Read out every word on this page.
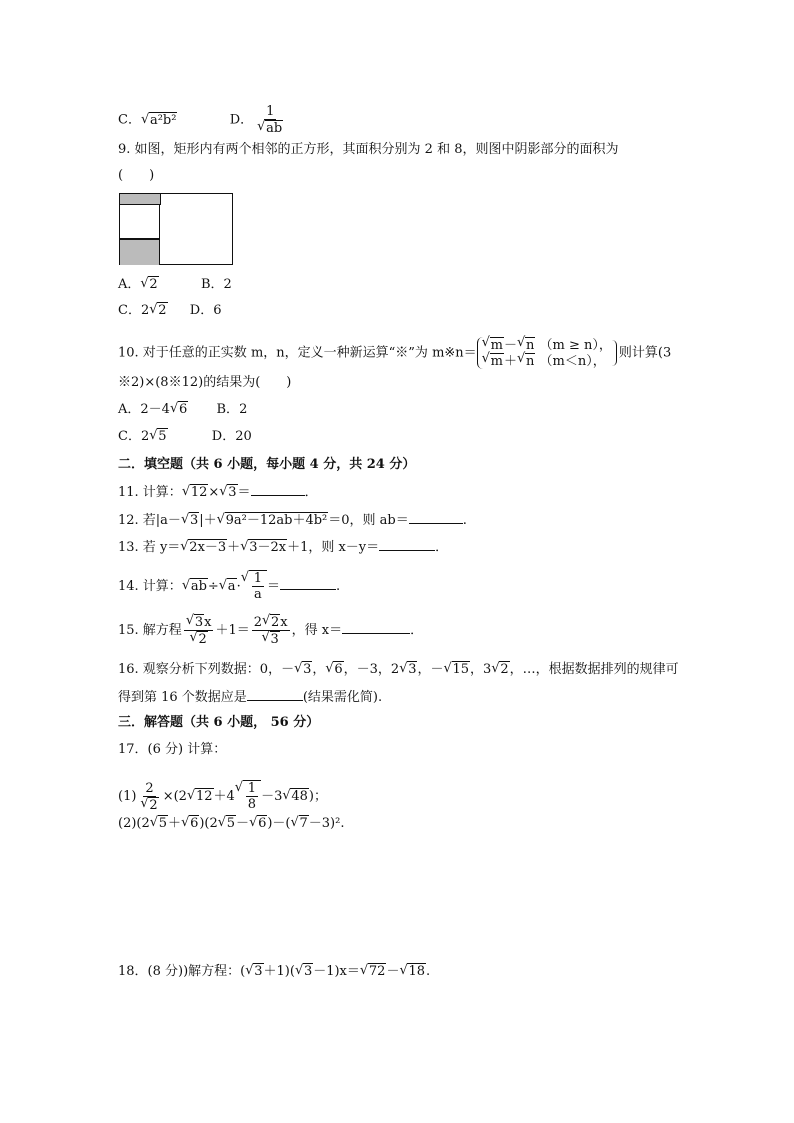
C．√ a²b²	D． 1
√ ab
9. 如图，矩形内有两个相邻的正方形，其面积分别为 2 和 8，则图中阴影部分的面积为
(　　)
A．√ 2	B．2
C．2√ 2 D．6
10. 对于任意的正实数 m，n，定义一种新运算“※”为 m※n＝
√	m－√ n （m ≥ n），
√ m＋√ n （m＜n），
则计算(3
※2)×(8※12)的结果为(　　)
A．2－4√ 6 B．2
C．2√ 5	D．20
二．填空题（共 6 小题，每小题 4 分，共 24 分）
11. 计算：√ 12×√ 3＝	．
12. 若|a－√ 3|＋√ 9a²－12ab＋4b²＝0，则 ab＝	.
13. 若 y＝√ 2x－3＋√ 3－2x＋1，则 x－y＝	．
14. 计算：√ ab÷√ a·
√ $\frac{1}{a}$ ＝	.
15. 解方程
√ 3x
√ 2 ＋1＝ 2√ 2x
√ 3 ，得 x＝	．
16. 观察分析下列数据：0，－√ 3，√ 6，－3，2√ 3，－√ 15，3√ 2，…，根据数据排列的规律可
得到第 16 个数据应是	(结果需化简).
三．解答题（共 6 小题， 56 分）
17．(6 分) 计算：
(1) 2
√ 2 ×(2√ 12＋4
√ $\frac{1}{8} -3√$ 48)；
(2)(2√ 5＋√ 6)(2√ 5－√ 6)－(√ 7－3)².
18．(8 分))解方程：(√ 3＋1)(√ 3－1)x＝√ 72－√ 18.
